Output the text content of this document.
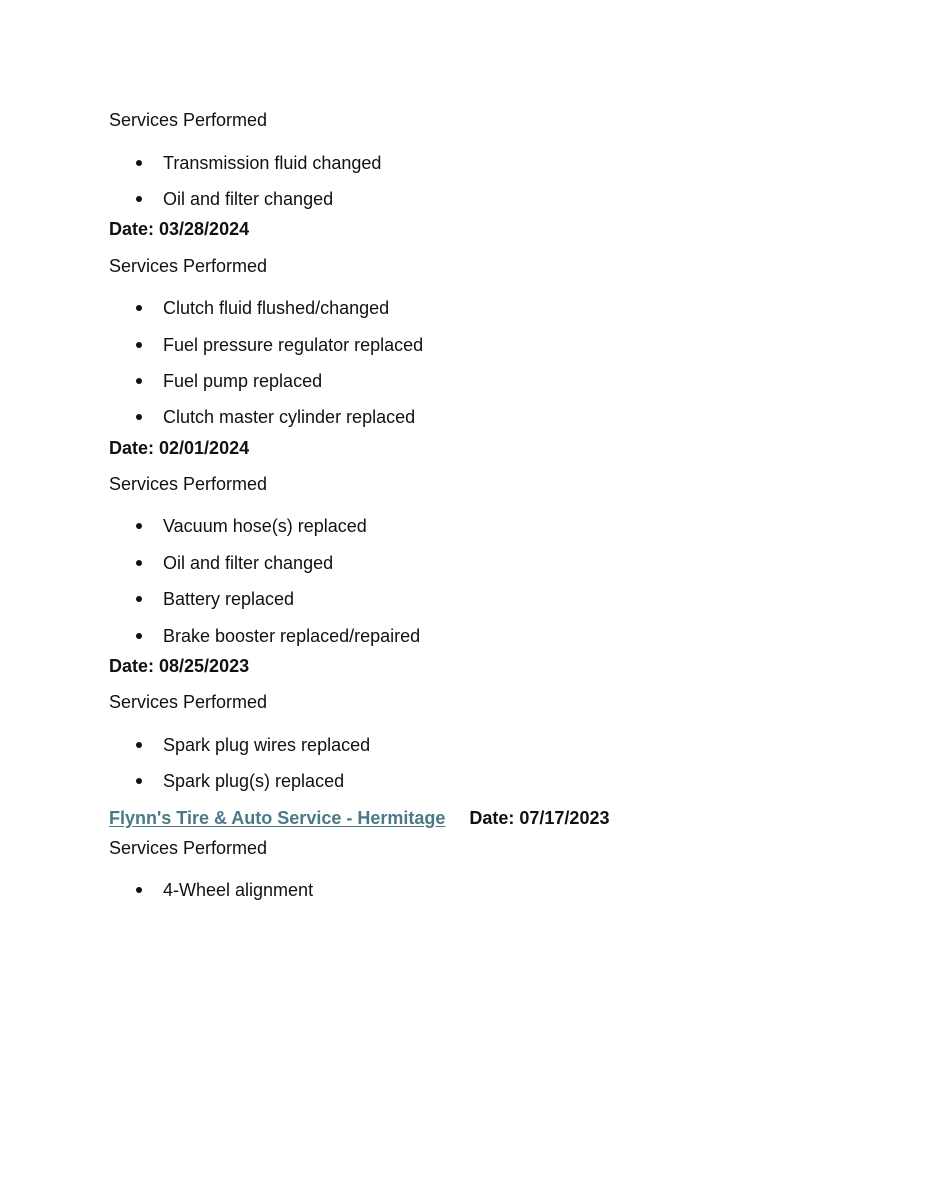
Services Performed
Transmission fluid changed
Oil and filter changed
Date: 03/28/2024
Services Performed
Clutch fluid flushed/changed
Fuel pressure regulator replaced
Fuel pump replaced
Clutch master cylinder replaced
Date: 02/01/2024
Services Performed
Vacuum hose(s) replaced
Oil and filter changed
Battery replaced
Brake booster replaced/repaired
Date: 08/25/2023
Services Performed
Spark plug wires replaced
Spark plug(s) replaced
Flynn's Tire & Auto Service - Hermitage Date: 07/17/2023
Services Performed
4-Wheel alignment
